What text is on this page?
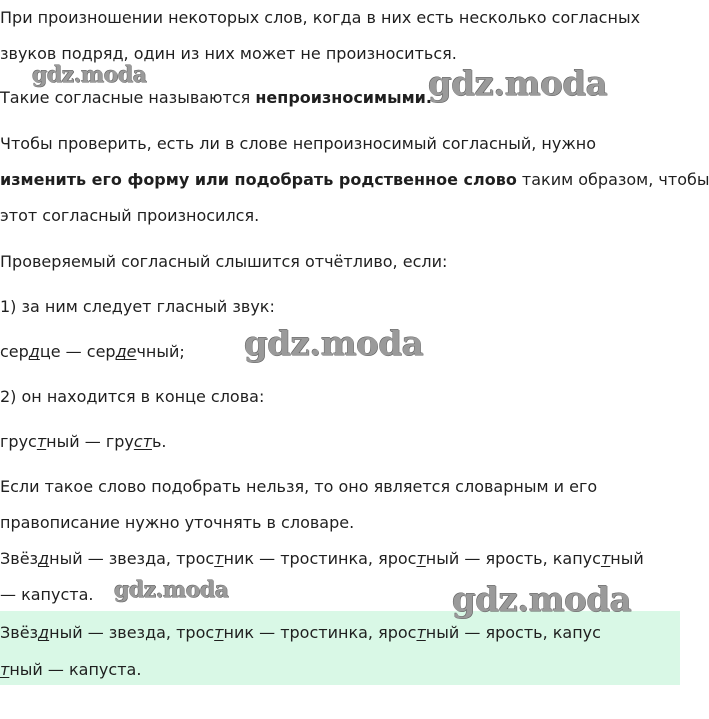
При произношении некоторых слов, когда в них есть несколько согласных
звуков подряд, один из них может не произноситься.
Такие согласные называются непроизносимыми.
Чтобы проверить, есть ли в слове непроизносимый согласный, нужно
изменить его форму или подобрать родственное слово таким образом, чтобы
этот согласный произносился.
Проверяемый согласный слышится отчётливо, если:
1) за ним следует гласный звук:
сердце — сердечный;
2) он находится в конце слова:
грустный — грусть.
Если такое слово подобрать нельзя, то оно является словарным и его
правописание нужно уточнять в словаре.
Звёздный — звезда, тростник — тростинка, яростный — ярость, капустный
— капуста.
Звёздный — звезда, тростник — тростинка, яростный — ярость, капус
тный — капуста.
gdz.moda	gdz.moda
gdz.moda
gdz.moda	gdz.moda
